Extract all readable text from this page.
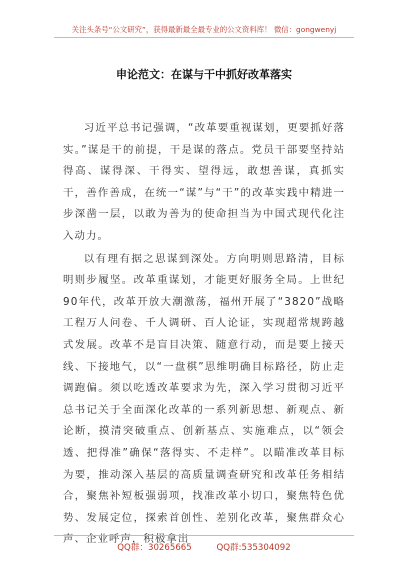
关注头条号“公文研究”，获得最新最全最专业的公文资料库！ 微信：gongwenyj
申论范文：在谋与干中抓好改革落实

习近平总书记强调，“改革要重视谋划，更要抓好落实。”谋是干的前提，干是谋的落点。党员干部要坚持站得高、谋得深、干得实、望得远，敢想善谋，真抓实干，善作善成，在统一“谋”与“干”的改革实践中精进一步深凿一层，以敢为善为的使命担当为中国式现代化注入动力。

以有理有据之思谋到深处。方向明则思路清，目标明则步履坚。改革重谋划，才能更好服务全局。上世纪90年代，改革开放大潮激荡，福州开展了“3820”战略工程万人问卷、千人调研、百人论证，实现超常规跨越式发展。改革不是盲目决策、随意行动，而是要上接天线、下接地气，以“一盘棋”思维明确目标路径，防止走调跑偏。须以吃透改革要求为先，深入学习贯彻习近平总书记关于全面深化改革的一系列新思想、新观点、新论断，摸清突破重点、创新基点、实施难点，以“领会透、把得准”确保“落得实、不走样”。以瞄准改革目标为要，推动深入基层的高质量调查研究和改革任务相结合，聚焦补短板强弱项，找准改革小切口，聚焦特色优势、发展定位，探索首创性、差别化改革，聚焦群众心声、企业呼声，积极拿出

QQ群：30265665	QQ群:535304092
